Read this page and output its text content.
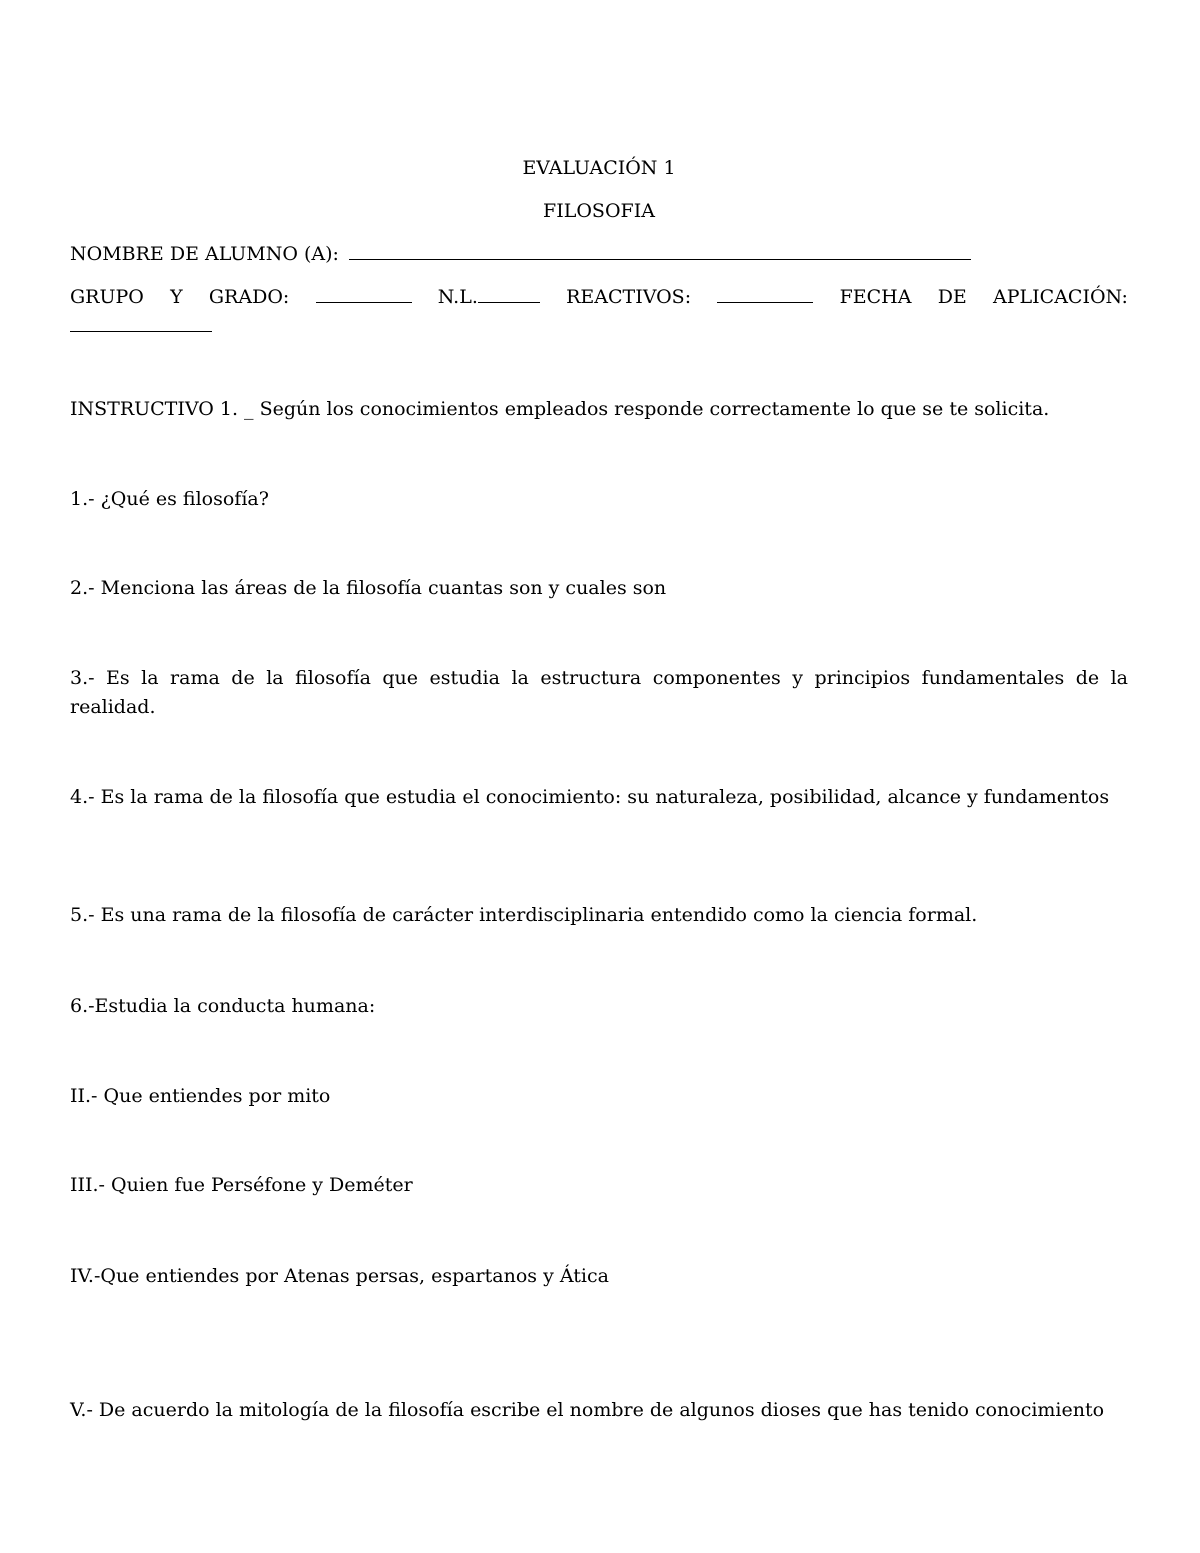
EVALUACIÓN 1
FILOSOFIA
NOMBRE DE ALUMNO (A):
GRUPO Y GRADO:	N.L.	REACTIVOS:	FECHA DE APLICACIÓN:
INSTRUCTIVO 1. _ Según los conocimientos empleados responde correctamente lo que se te solicita.
1.- ¿Qué es filosofía?
2.- Menciona las áreas de la filosofía cuantas son y cuales son
3.- Es la rama de la filosofía que estudia la estructura componentes y principios fundamentales de la realidad.
4.- Es la rama de la filosofía que estudia el conocimiento: su naturaleza, posibilidad, alcance y fundamentos
5.- Es una rama de la filosofía de carácter interdisciplinaria entendido como la ciencia formal.
6.-Estudia la conducta humana:
II.- Que entiendes por mito
III.- Quien fue Perséfone y Deméter
IV.-Que entiendes por Atenas persas, espartanos y Ática
V.- De acuerdo la mitología de la filosofía escribe el nombre de algunos dioses que has tenido conocimiento
